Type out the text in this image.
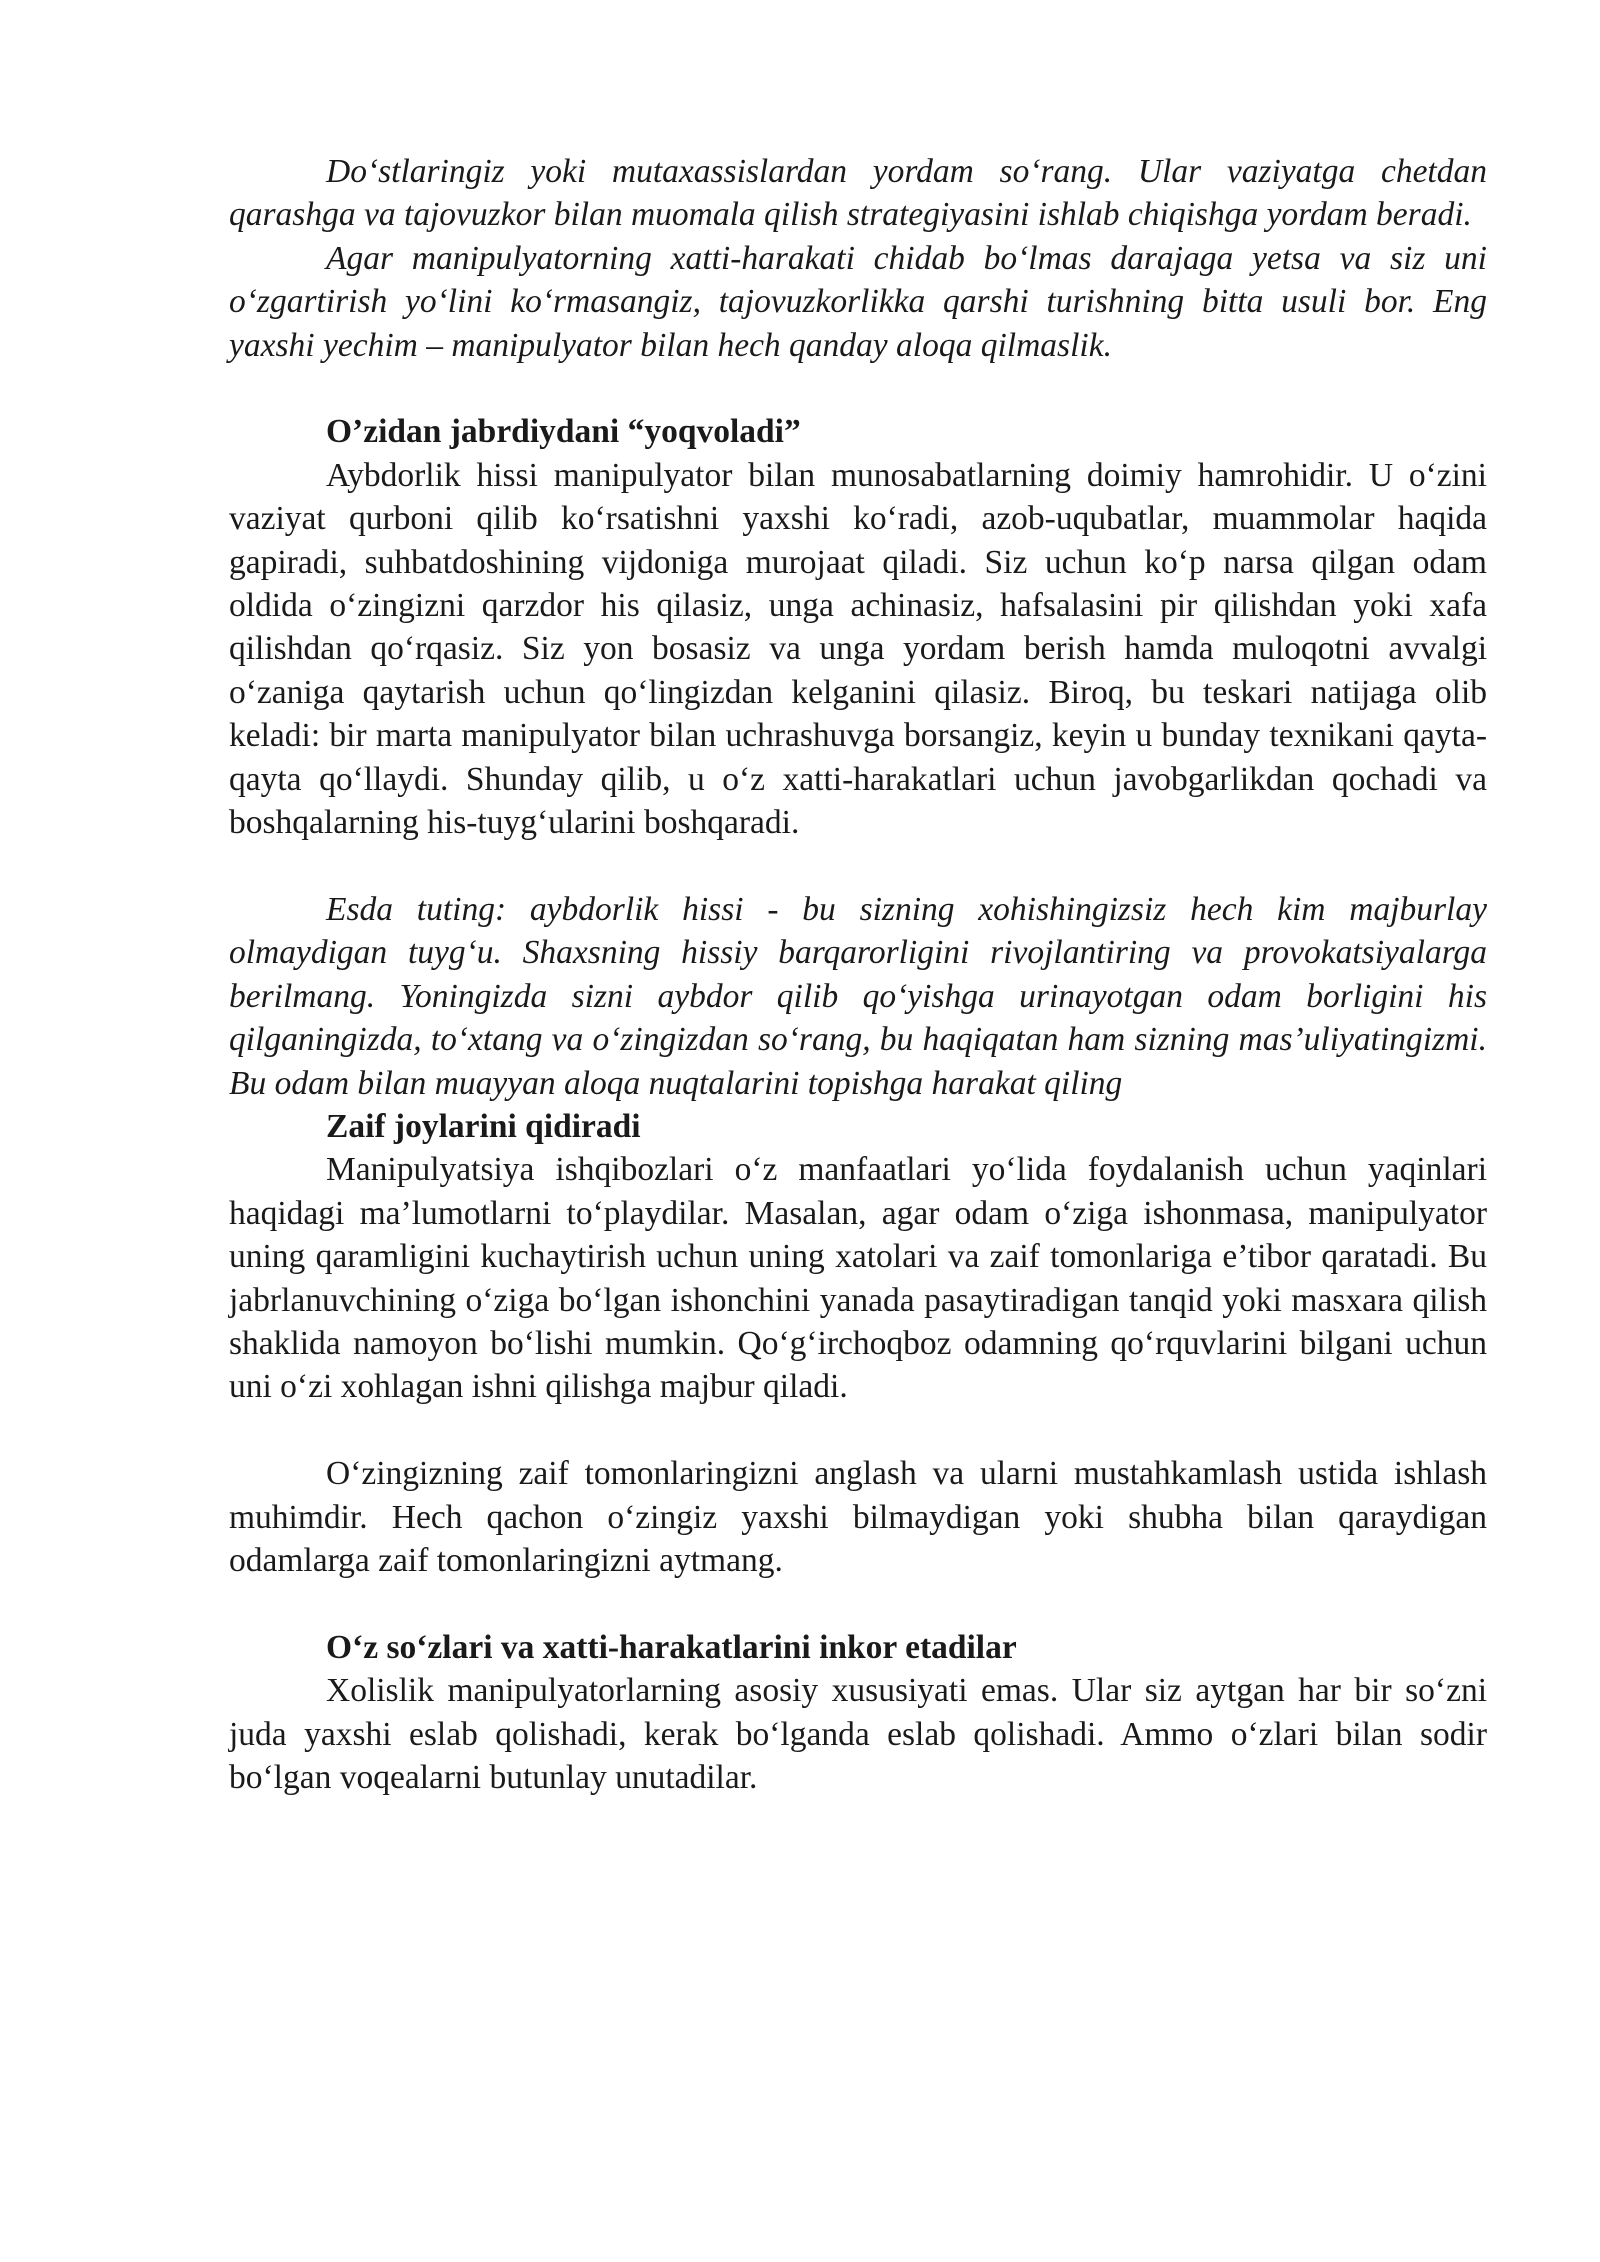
Do‘stlaringiz yoki mutaxassislardan yordam so‘rang. Ular vaziyatga chetdan qarashga va tajovuzkor bilan muomala qilish strategiyasini ishlab chiqishga yordam beradi.

Agar manipulyatorning xatti-harakati chidab bo‘lmas darajaga yetsa va siz uni o‘zgartirish yo‘lini ko‘rmasangiz, tajovuzkorlikka qarshi turishning bitta usuli bor. Eng yaxshi yechim – manipulyator bilan hech qanday aloqa qilmaslik.

O’zidan jabrdiydani “yoqvoladi”

Aybdorlik hissi manipulyator bilan munosabatlarning doimiy hamrohidir. U o‘zini vaziyat qurboni qilib ko‘rsatishni yaxshi ko‘radi, azob-uqubatlar, muammolar haqida gapiradi, suhbatdoshining vijdoniga murojaat qiladi. Siz uchun ko‘p narsa qilgan odam oldida o‘zingizni qarzdor his qilasiz, unga achinasiz, hafsalasini pir qilishdan yoki xafa qilishdan qo‘rqasiz. Siz yon bosasiz va unga yordam berish hamda muloqotni avvalgi o‘zaniga qaytarish uchun qo‘lingizdan kelganini qilasiz. Biroq, bu teskari natijaga olib keladi: bir marta manipulyator bilan uchrashuvga borsangiz, keyin u bunday texnikani qayta-qayta qo‘llaydi. Shunday qilib, u o‘z xatti-harakatlari uchun javobgarlikdan qochadi va boshqalarning his-tuyg‘ularini boshqaradi.

Esda tuting: aybdorlik hissi - bu sizning xohishingizsiz hech kim majburlay olmaydigan tuyg‘u. Shaxsning hissiy barqarorligini rivojlantiring va provokatsiyalarga berilmang. Yoningizda sizni aybdor qilib qo‘yishga urinayotgan odam borligini his qilganingizda, to‘xtang va o‘zingizdan so‘rang, bu haqiqatan ham sizning mas’uliyatingizmi. Bu odam bilan muayyan aloqa nuqtalarini topishga harakat qiling

Zaif joylarini qidiradi

Manipulyatsiya ishqibozlari o‘z manfaatlari yo‘lida foydalanish uchun yaqinlari haqidagi ma’lumotlarni to‘playdilar. Masalan, agar odam o‘ziga ishonmasa, manipulyator uning qaramligini kuchaytirish uchun uning xatolari va zaif tomonlariga e’tibor qaratadi. Bu jabrlanuvchining o‘ziga bo‘lgan ishonchini yanada pasaytiradigan tanqid yoki masxara qilish shaklida namoyon bo‘lishi mumkin. Qo‘g‘irchoqboz odamning qo‘rquvlarini bilgani uchun uni o‘zi xohlagan ishni qilishga majbur qiladi.

O‘zingizning zaif tomonlaringizni anglash va ularni mustahkamlash ustida ishlash muhimdir. Hech qachon o‘zingiz yaxshi bilmaydigan yoki shubha bilan qaraydigan odamlarga zaif tomonlaringizni aytmang.

O‘z so‘zlari va xatti-harakatlarini inkor etadilar

Xolislik manipulyatorlarning asosiy xususiyati emas. Ular siz aytgan har bir so‘zni juda yaxshi eslab qolishadi, kerak bo‘lganda eslab qolishadi. Ammo o‘zlari bilan sodir bo‘lgan voqealarni butunlay unutadilar.
